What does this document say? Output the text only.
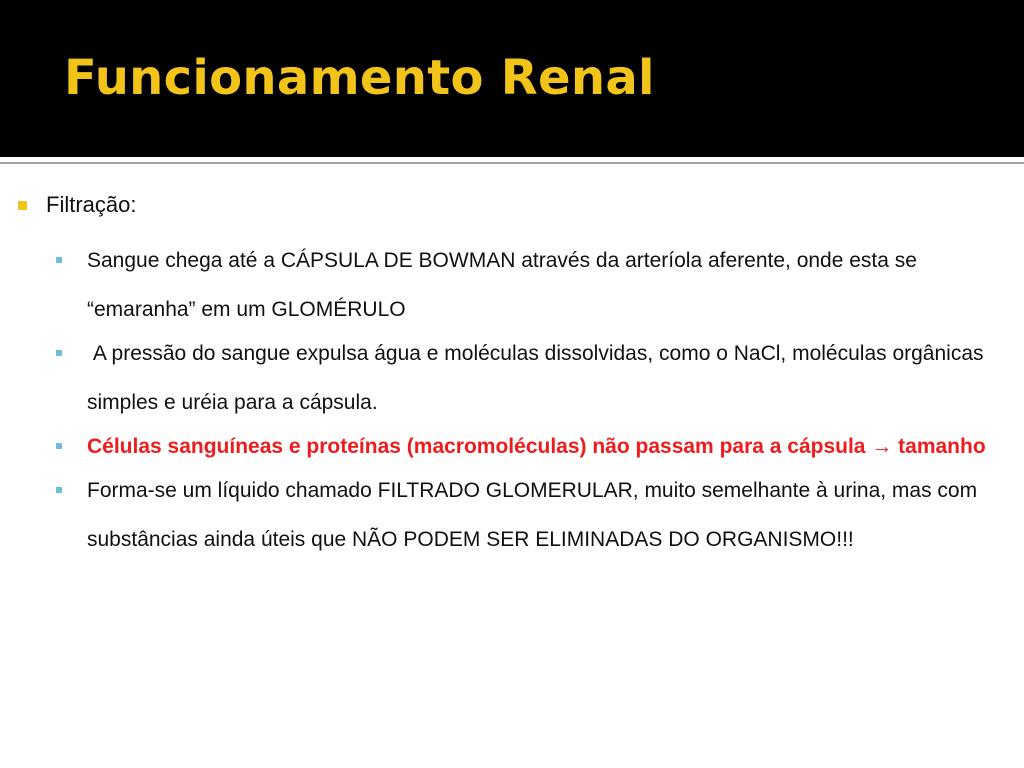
Funcionamento Renal
Filtração:
Sangue chega até a CÁPSULA DE BOWMAN através da arteríola aferente, onde esta se “emaranha” em um GLOMÉRULO
A pressão do sangue expulsa água e moléculas dissolvidas, como o NaCl, moléculas orgânicas simples e uréia para a cápsula.
Células sanguíneas e proteínas (macromoléculas) não passam para a cápsula → tamanho
Forma-se um líquido chamado FILTRADO GLOMERULAR, muito semelhante à urina, mas com substâncias ainda úteis que NÃO PODEM SER ELIMINADAS DO ORGANISMO!!!
